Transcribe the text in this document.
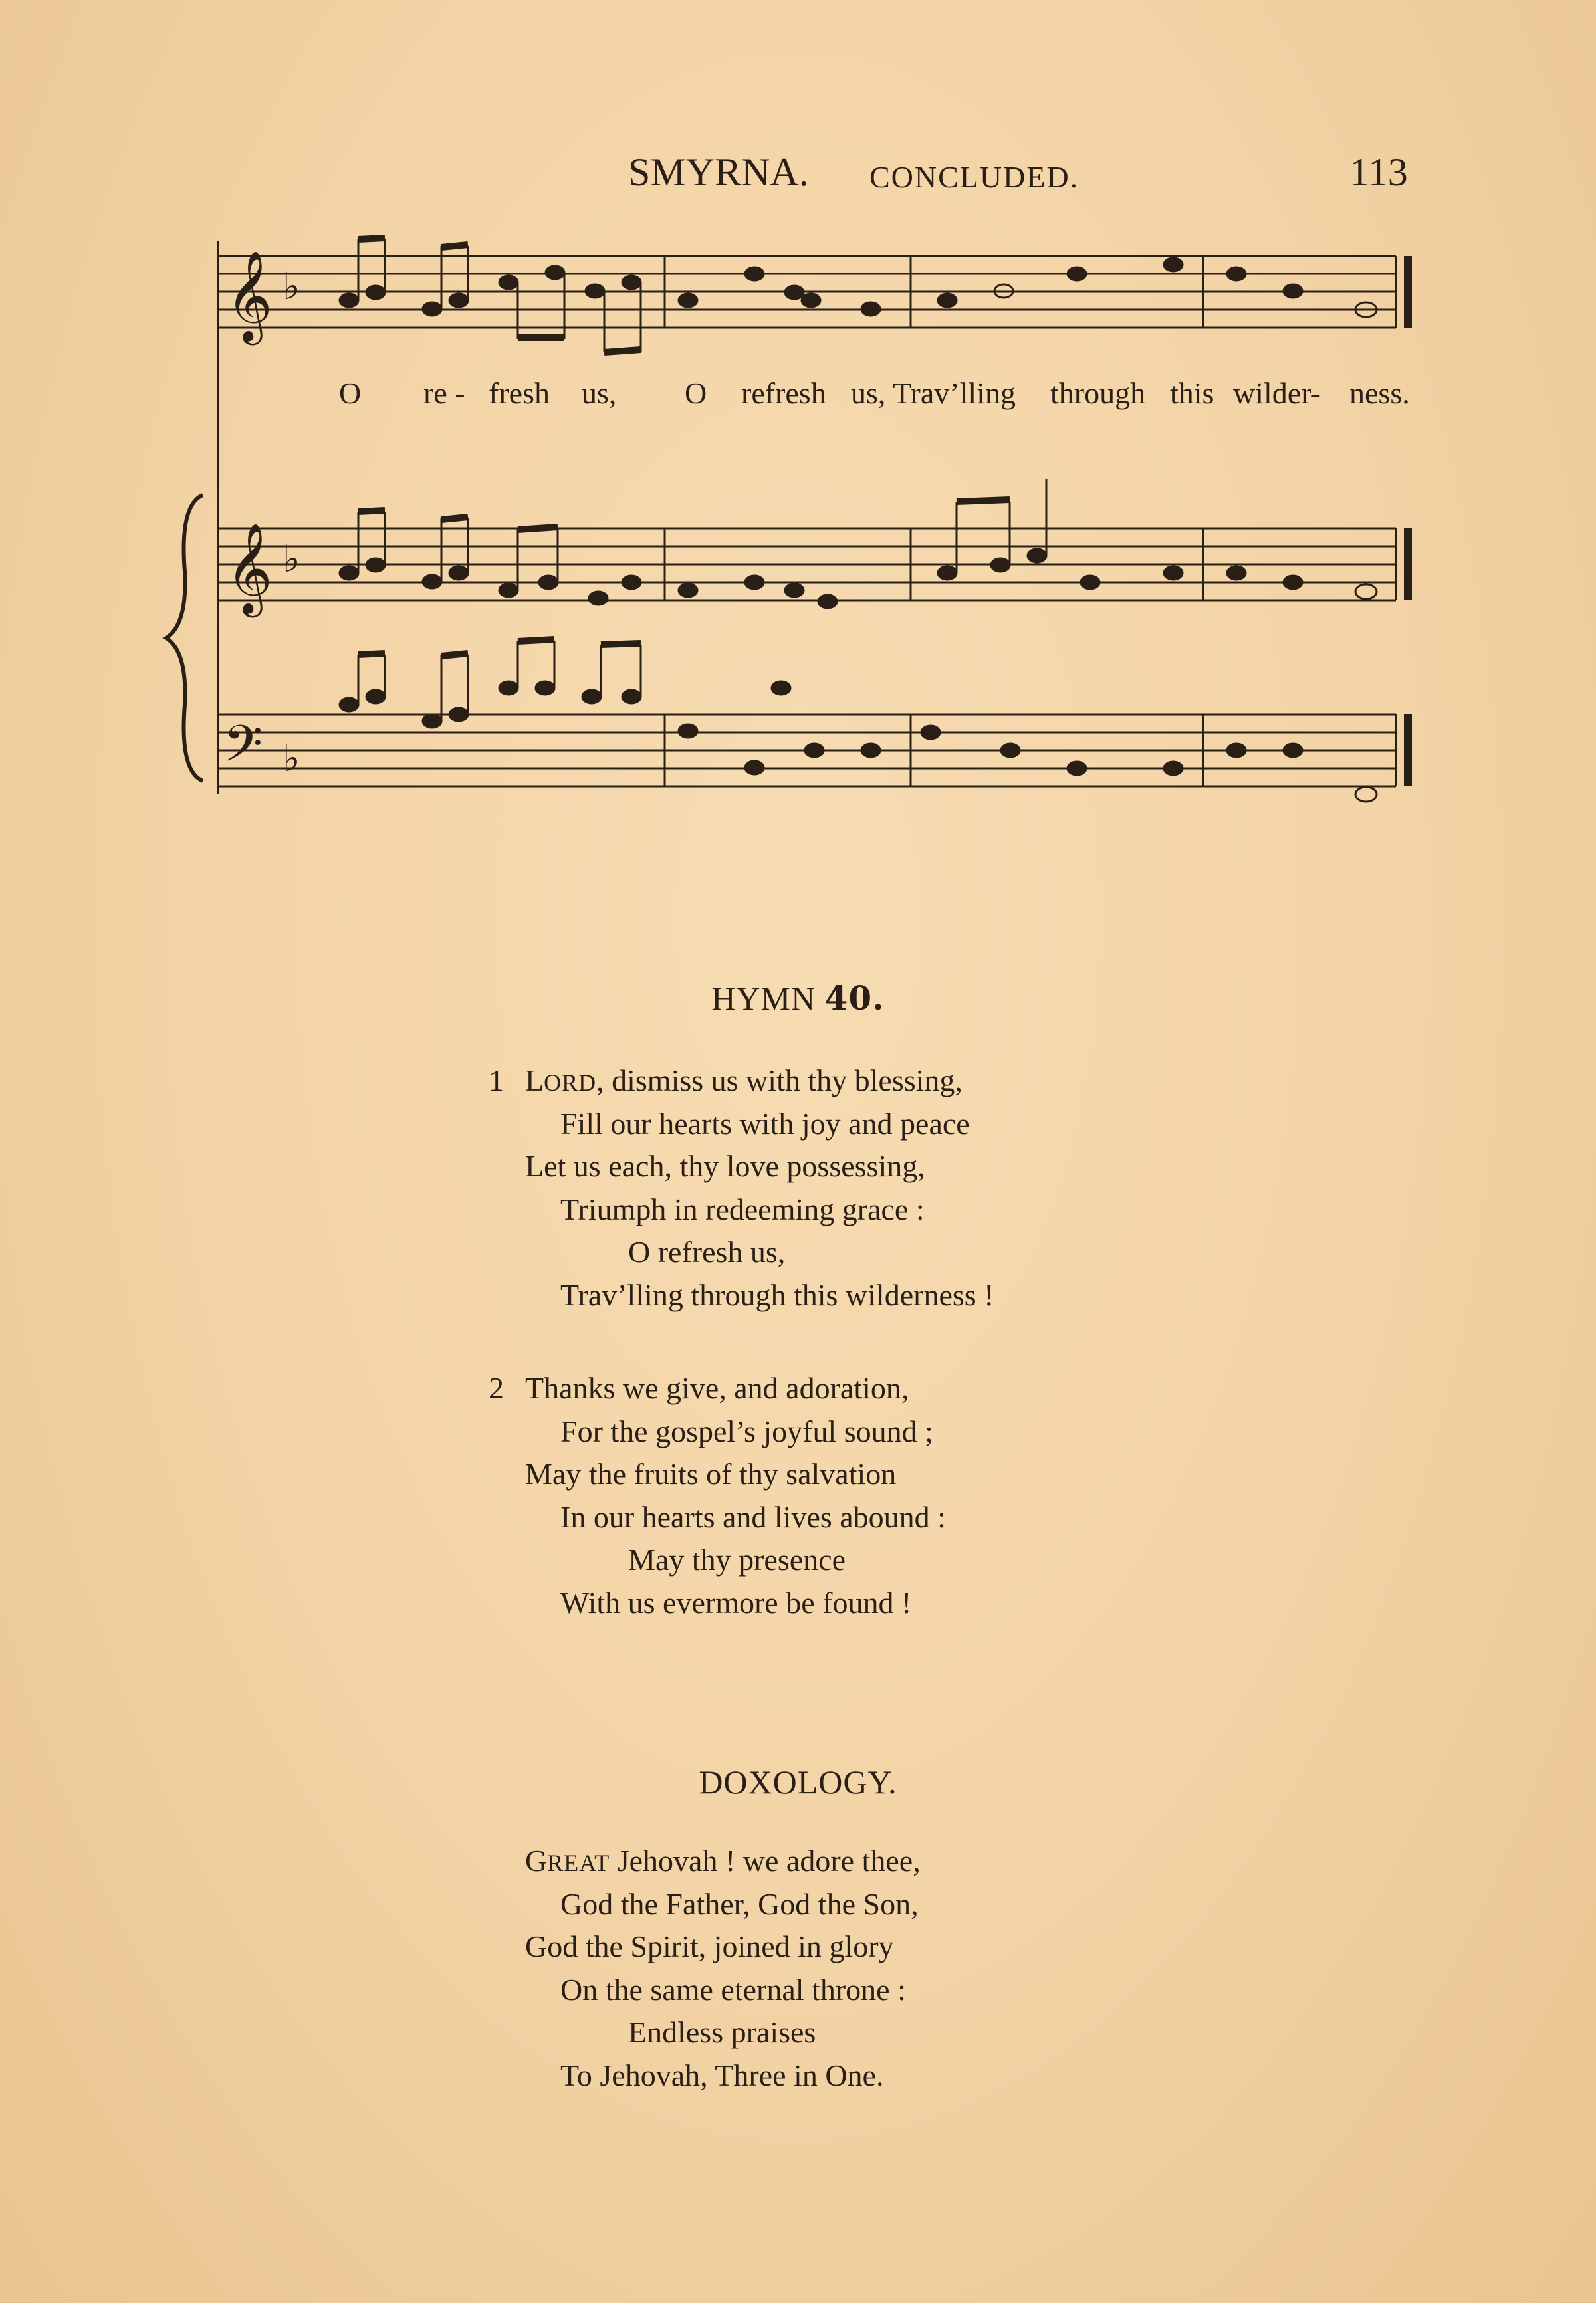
SMYRNA. CONCLUDED.	113
𝄞
𝄞
𝄢
♭
♭
♭
O re - fresh us, O refresh us, Trav’lling through this wilder- ness.
HYMN 40.
1 LORD, dismiss us with thy blessing,
Fill our hearts with joy and peace
Let us each, thy love possessing,
Triumph in redeeming grace :
O refresh us,
Trav’lling through this wilderness !
2 Thanks we give, and adoration,
For the gospel’s joyful sound ;
May the fruits of thy salvation
In our hearts and lives abound :
May thy presence
With us evermore be found !
DOXOLOGY.
GREAT Jehovah ! we adore thee,
God the Father, God the Son,
God the Spirit, joined in glory
On the same eternal throne :
Endless praises
To Jehovah, Three in One.
